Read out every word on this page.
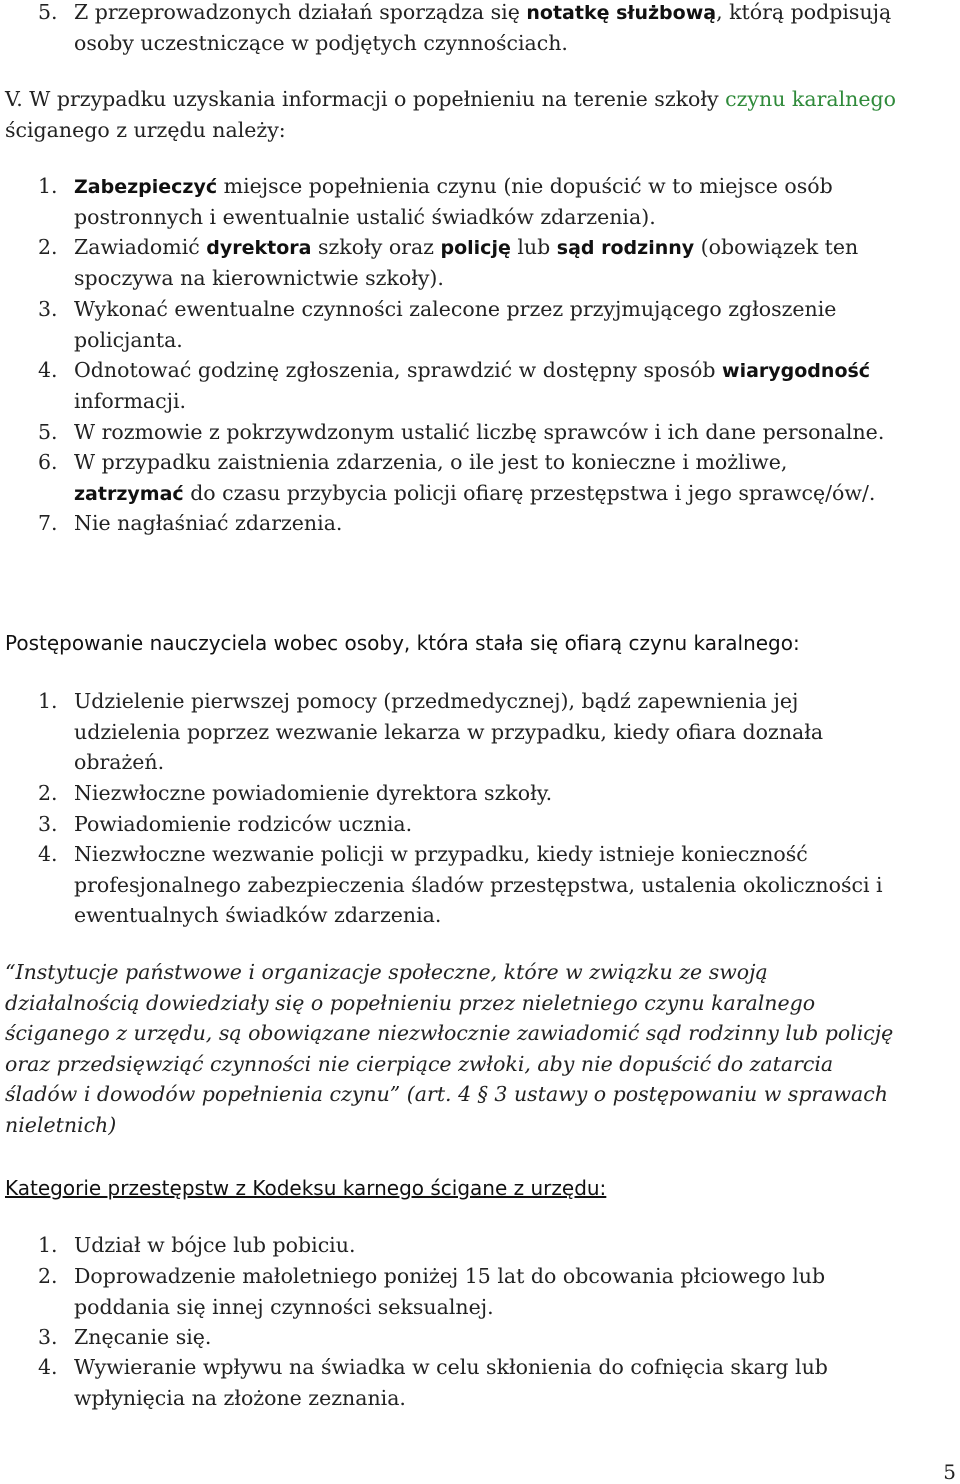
5. Z przeprowadzonych działań sporządza się notatkę służbową, którą podpisują
osoby uczestniczące w podjętych czynnościach.
V. W przypadku uzyskania informacji o popełnieniu na terenie szkoły czynu karalnego
ściganego z urzędu należy:
1. Zabezpieczyć miejsce popełnienia czynu (nie dopuścić w to miejsce osób
postronnych i ewentualnie ustalić świadków zdarzenia).
2. Zawiadomić dyrektora szkoły oraz policję lub sąd rodzinny (obowiązek ten
spoczywa na kierownictwie szkoły).
3. Wykonać ewentualne czynności zalecone przez przyjmującego zgłoszenie
policjanta.
4. Odnotować godzinę zgłoszenia, sprawdzić w dostępny sposób wiarygodność
informacji.
5. W rozmowie z pokrzywdzonym ustalić liczbę sprawców i ich dane personalne.
6. W przypadku zaistnienia zdarzenia, o ile jest to konieczne i możliwe,
zatrzymać do czasu przybycia policji ofiarę przestępstwa i jego sprawcę/ów/.
7. Nie nagłaśniać zdarzenia.
Postępowanie nauczyciela wobec osoby, która stała się ofiarą czynu karalnego:
1. Udzielenie pierwszej pomocy (przedmedycznej), bądź zapewnienia jej
udzielenia poprzez wezwanie lekarza w przypadku, kiedy ofiara doznała
obrażeń.
2. Niezwłoczne powiadomienie dyrektora szkoły.
3. Powiadomienie rodziców ucznia.
4. Niezwłoczne wezwanie policji w przypadku, kiedy istnieje konieczność
profesjonalnego zabezpieczenia śladów przestępstwa, ustalenia okoliczności i
ewentualnych świadków zdarzenia.
“Instytucje państwowe i organizacje społeczne, które w związku ze swoją
działalnością dowiedziały się o popełnieniu przez nieletniego czynu karalnego
ściganego z urzędu, są obowiązane niezwłocznie zawiadomić sąd rodzinny lub policję
oraz przedsięwziąć czynności nie cierpiące zwłoki, aby nie dopuścić do zatarcia
śladów i dowodów popełnienia czynu” (art. 4 § 3 ustawy o postępowaniu w sprawach
nieletnich)
Kategorie przestępstw z Kodeksu karnego ścigane z urzędu:
1. Udział w bójce lub pobiciu.
2. Doprowadzenie małoletniego poniżej 15 lat do obcowania płciowego lub
poddania się innej czynności seksualnej.
3. Znęcanie się.
4. Wywieranie wpływu na świadka w celu skłonienia do cofnięcia skarg lub
wpłynięcia na złożone zeznania.
5
